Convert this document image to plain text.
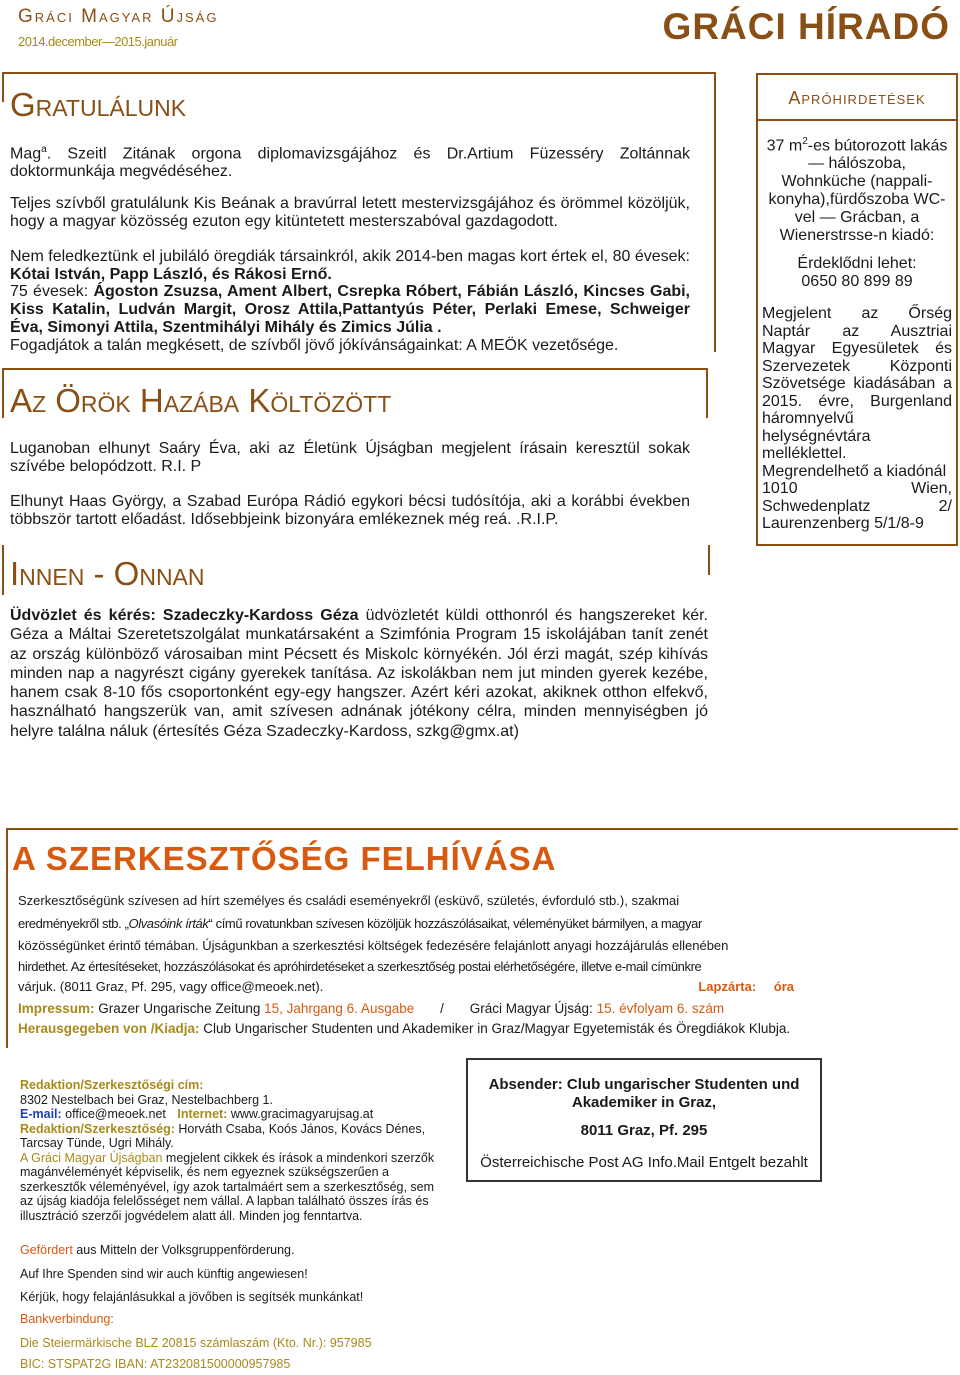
Gráci Magyar Újság
2014.december—2015.január	GRÁCI HÍRADÓ
Gratulálunk

Mag$^a$. Szeitl Zitának orgona diplomavizsgájához és Dr.Artium Füzesséry Zoltánnak doktormunkája megvédéséhez.

Teljes szívből gratulálunk Kis Beának a bravúrral letett mestervizsgájához és örömmel közöljük, hogy a magyar közösség ezuton egy kitüntetett mesterszabóval gazdagodott.

Nem feledkeztünk el jubiláló öregdiák társainkról, akik 2014-ben magas kort értek el, 80 évesek: Kótai István, Papp László, és Rákosi Ernő.

75 évesek: Ágoston Zsuzsa, Ament Albert, Csrepka Róbert, Fábián László, Kincses Gabi, Kiss Katalin, Ludván Margit, Orosz Attila,Pattantyús Péter, Perlaki Emese, Schweiger Éva, Simonyi Attila, Szentmihályi Mihály és Zimics Júlia .

Fogadjátok a talán megkésett, de szívből jövő jókívánságainkat: A MEÖK vezetősége.

Az Örök Hazába Költözött

Luganoban elhunyt Saáry Éva, aki az Életünk Újságban megjelent írásain keresztül sokak szívébe belopódzott. R.I. P

Elhunyt Haas György, a Szabad Európa Rádió egykori bécsi tudósítója, aki a korábbi években többször tartott előadást. Idősebbjeink bizonyára emlékeznek még reá. .R.I.P.

Innen - Onnan

Üdvözlet és kérés: Szadeczky-Kardoss Géza üdvözletét küldi otthonról és hangszereket kér. Géza a Máltai Szeretetszolgálat munkatársaként a Szimfónia Program 15 iskolájában tanít zenét az ország különböző városaiban mint Pécsett és Miskolc környékén. Jól érzi magát, szép kihívás minden nap a nagyrészt cigány gyerekek tanítása. Az iskolákban nem jut minden gyerek kezébe, hanem csak 8-10 fős csoportonként egy-egy hangszer. Azért kéri azokat, akiknek otthon elfekvő, használható hangszerük van, amit szívesen adnának jótékony célra, minden mennyiségben jó helyre találna náluk (értesítés Géza Szadeczky-Kardoss, szkg@gmx.at)

Apróhirdetések
37 $m^2-es$ bútorozott lakás — hálószoba, Wohnküche (nappali-konyha),fürdőszoba WC-vel — Grácban, a Wienerstrsse-n kiadó:
Érdeklődni lehet:
0650 80 899 89
Megjelent az Őrség Naptár az Ausztriai Magyar Egyesületek és Szervezetek Központi Szövetsége kiadásában a 2015. évre, Burgenland háromnyelvű helységnévtára melléklettel. Megrendelhető a kiadónál
1010 Wien, Schwedenplatz 2/ Laurenzenberg 5/1/8-9
A SZERKESZTŐSÉG FELHÍVÁSA
Szerkesztőségünk szívesen ad hírt személyes és családi eseményekről (esküvő, születés, évforduló stb.), szakmai
eredményekről stb. „Olvasóink írták“ című rovatunkban szívesen közöljük hozzászólásaikat, véleményüket bármilyen, a magyar
közösségünket érintő témában. Újságunkban a szerkesztési költségek fedezésére felajánlott anyagi hozzájárulás ellenében
hirdethet. Az értesítéseket, hozzászólásokat és apróhirdetéseket a szerkesztőség postai elérhetőségére, illetve e-mail címünkre
várjuk. (8011 Graz, Pf. 295, vagy office@meoek.net).	Lapzárta: óra
Impressum: Grazer Ungarische Zeitung 15, Jahrgang 6. Ausgabe / Gráci Magyar Újság: 15. évfolyam 6. szám
Herausgegeben von /Kiadja: Club Ungarischer Studenten und Akademiker in Graz/Magyar Egyetemisták és Öregdiákok Klubja.
Redaktion/Szerkesztőségi cím:
8302 Nestelbach bei Graz, Nestelbachberg 1.
E-mail: office@meoek.net Internet: www.gracimagyarujsag.at
Redaktion/Szerkesztőség: Horváth Csaba, Koós János, Kovács Dénes, Tarcsay Tünde, Ugri Mihály.
A Gráci Magyar Újságban megjelent cikkek és írások a mindenkori szerzők magánvéleményét képviselik, és nem egyeznek szükségszerűen a szerkesztők véleményével, így azok tartalmáért sem a szerkesztőség, sem az újság kiadója felelősséget nem vállal. A lapban található összes írás és illusztráció szerzői jogvédelem alatt áll. Minden jog fenntartva.
Gefördert aus Mitteln der Volksgruppenförderung.
Auf Ihre Spenden sind wir auch künftig angewiesen!
Kérjük, hogy felajánlásukkal a jövőben is segítsék munkánkat!
Bankverbindung:
Die Steiermärkische BLZ 20815 számlaszám (Kto. Nr.): 957985
BIC: STSPAT2G IBAN: AT232081500000957985
Absender: Club ungarischer Studenten und Akademiker in Graz,
8011 Graz, Pf. 295
Österreichische Post AG Info.Mail Entgelt bezahlt
